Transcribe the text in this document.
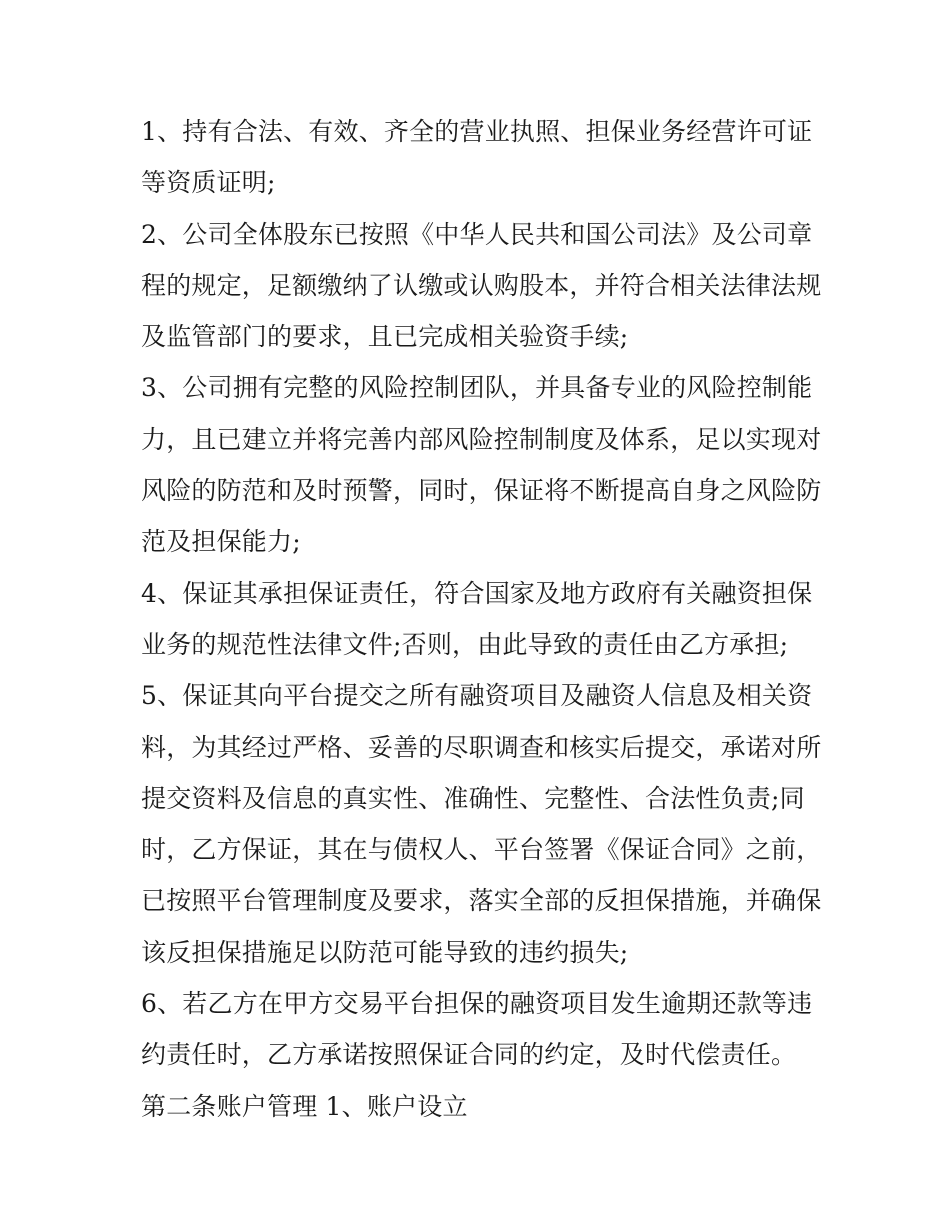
1、持有合法、有效、齐全的营业执照、担保业务经营许可证
等资质证明;
2、公司全体股东已按照《中华人民共和国公司法》及公司章
程的规定，足额缴纳了认缴或认购股本，并符合相关法律法规
及监管部门的要求，且已完成相关验资手续;
3、公司拥有完整的风险控制团队，并具备专业的风险控制能
力，且已建立并将完善内部风险控制制度及体系，足以实现对
风险的防范和及时预警，同时，保证将不断提高自身之风险防
范及担保能力;
4、保证其承担保证责任，符合国家及地方政府有关融资担保
业务的规范性法律文件;否则，由此导致的责任由乙方承担;
5、保证其向平台提交之所有融资项目及融资人信息及相关资
料，为其经过严格、妥善的尽职调查和核实后提交，承诺对所
提交资料及信息的真实性、准确性、完整性、合法性负责;同
时，乙方保证，其在与债权人、平台签署《保证合同》之前，
已按照平台管理制度及要求，落实全部的反担保措施，并确保
该反担保措施足以防范可能导致的违约损失;
6、若乙方在甲方交易平台担保的融资项目发生逾期还款等违
约责任时，乙方承诺按照保证合同的约定，及时代偿责任。
第二条账户管理 1、账户设立
